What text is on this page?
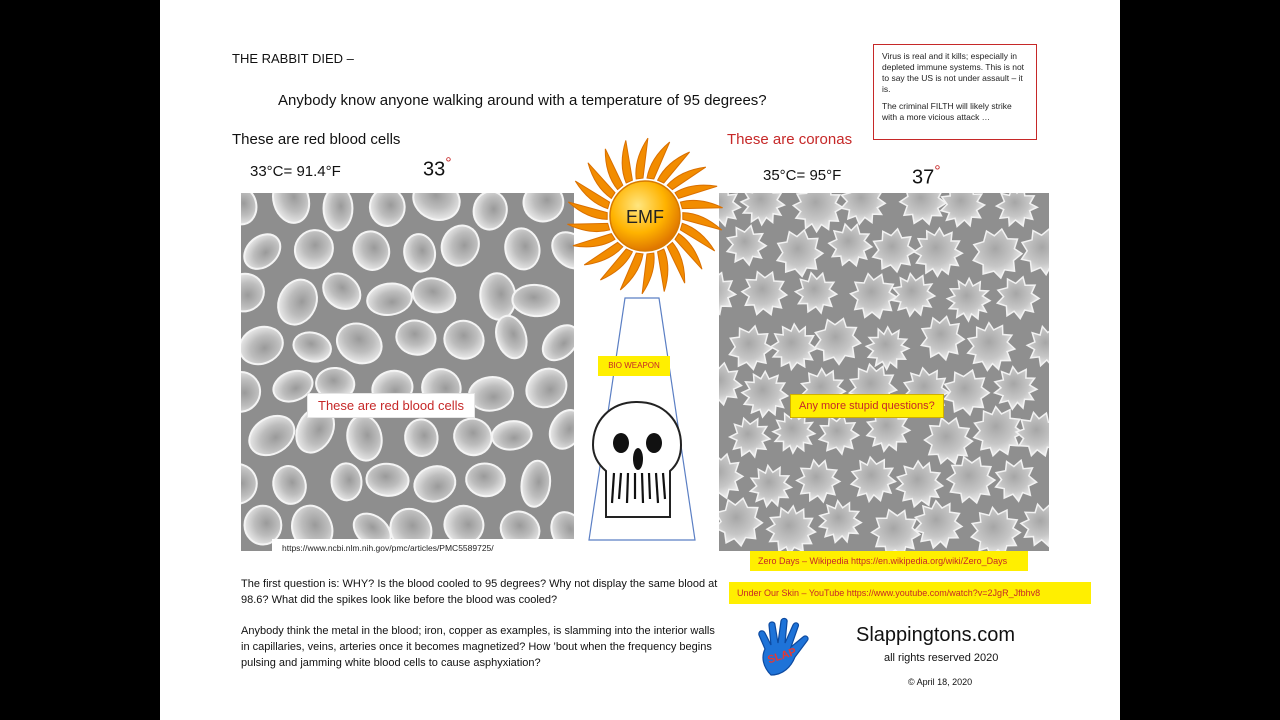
THE RABBIT DIED –
Anybody know anyone walking around with a temperature of 95 degrees?

Virus is real and it kills; especially in depleted immune systems. This is not to say the US is not under assault – it is.

The criminal FILTH will likely strike with a more vicious attack …

These are red blood cells	These are coronas
33°C= 91.4°F	33°
35°C= 95°F	37°
https://www.ncbi.nlm.nih.gov/pmc/articles/PMC5589725/
These are red blood cells	Any more stupid questions?
EMF
BIO WEAPON
Zero Days – Wikipedia https://en.wikipedia.org/wiki/Zero_Days
Under Our Skin – YouTube https://www.youtube.com/watch?v=2JgR_Jfbhv8
The first question is: WHY? Is the blood cooled to 95 degrees? Why not display the same blood at 98.6? What did the spikes look like before the blood was cooled?
Anybody think the metal in the blood; iron, copper as examples, is slamming into the interior walls in capillaries, veins, arteries once it becomes magnetized? How ’bout when the frequency begins pulsing and jamming white blood cells to cause asphyxiation?	SLAP
Slappingtons.com
all rights reserved 2020
© April 18, 2020
